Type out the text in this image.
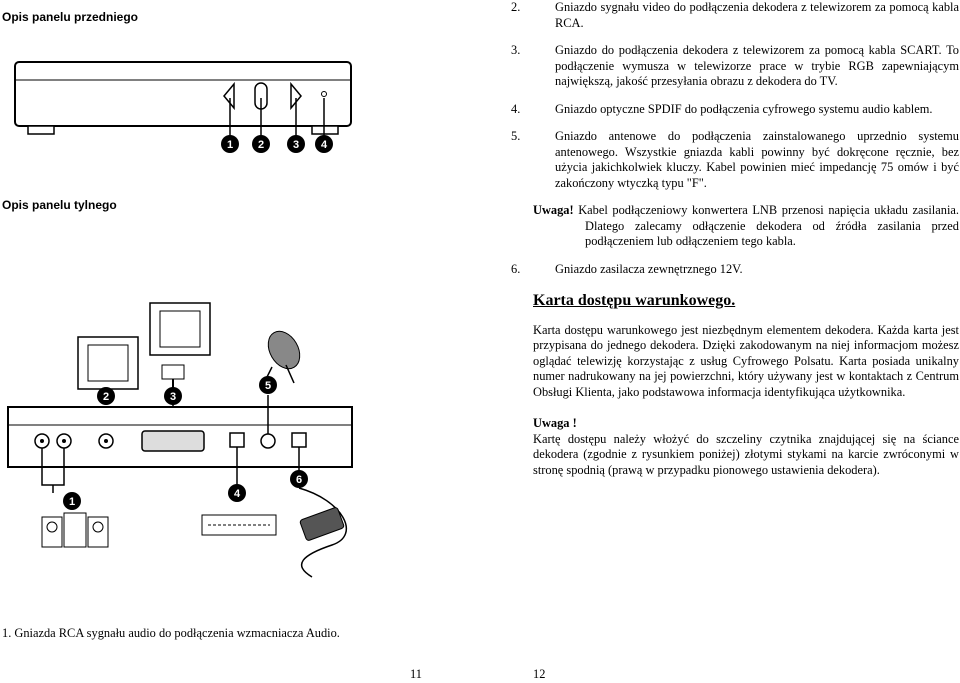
Opis panelu przedniego
1 2	3 4
Opis panelu tylnego
2	3
5
1
4
6
1. Gniazda RCA sygnału audio do podłączenia wzmacniacza Audio.
11
2.	Gniazdo sygnału video do podłączenia dekodera z telewizorem za pomocą kabla RCA.
3.	Gniazdo do podłączenia dekodera z telewizorem za pomocą kabla SCART. To podłączenie wymusza w telewizorze prace w trybie RGB zapewniającym największą, jakość przesyłania obrazu z dekodera do TV.
4.	Gniazdo optyczne SPDIF do podłączenia cyfrowego systemu audio kablem.
5.	Gniazdo antenowe do podłączenia zainstalowanego uprzednio systemu antenowego. Wszystkie gniazda kabli powinny być dokręcone ręcznie, bez użycia jakichkolwiek kluczy. Kabel powinien mieć impedancję 75 omów i być zakończony wtyczką typu "F".
Uwaga! Kabel podłączeniowy konwertera LNB przenosi napięcia układu zasilania. Dlatego zalecamy odłączenie dekodera od źródła zasilania przed podłączeniem lub odłączeniem tego kabla.
6.	Gniazdo zasilacza zewnętrznego 12V.
Karta dostępu warunkowego.
Karta dostępu warunkowego jest niezbędnym elementem dekodera. Każda karta jest przypisana do jednego dekodera. Dzięki zakodowanym na niej informacjom możesz oglądać telewizję korzystając z usług Cyfrowego Polsatu. Karta posiada unikalny numer nadrukowany na jej powierzchni, który używany jest w kontaktach z Centrum Obsługi Klienta, jako podstawowa informacja identyfikująca użytkownika.
Uwaga !
Kartę dostępu należy włożyć do szczeliny czytnika znajdującej się na ściance dekodera (zgodnie z rysunkiem poniżej) złotymi stykami na karcie zwróconymi w stronę spodnią (prawą w przypadku pionowego ustawienia dekodera).
12
